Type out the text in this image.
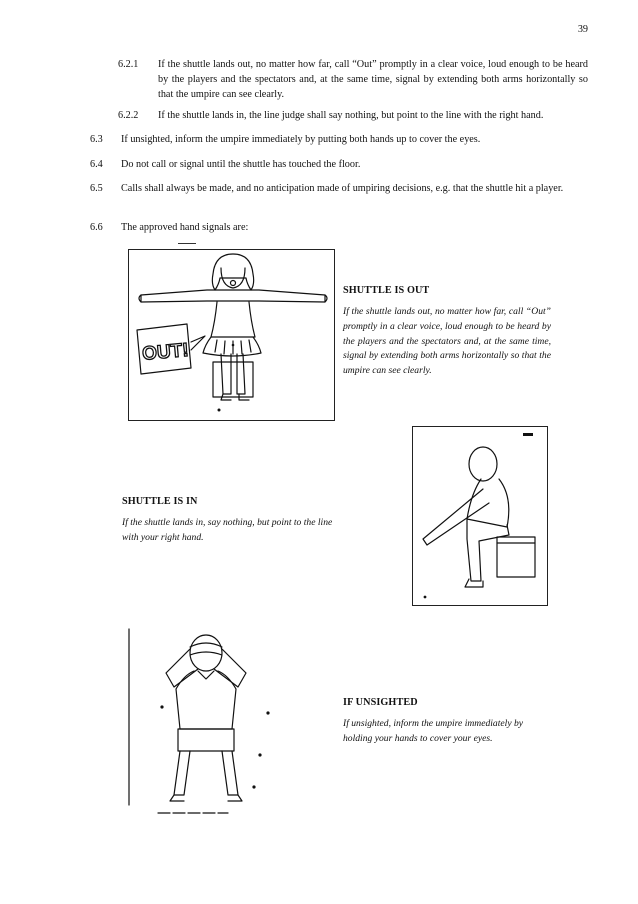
39
6.2.1 If the shuttle lands out, no matter how far, call “Out” promptly in a clear voice, loud enough to be heard by the players and the spectators and, at the same time, signal by extending both arms horizontally so that the umpire can see clearly.
6.2.2 If the shuttle lands in, the line judge shall say nothing, but point to the line with the right hand.
6.3 If unsighted, inform the umpire immediately by putting both hands up to cover the eyes.
6.4 Do not call or signal until the shuttle has touched the floor.
6.5 Calls shall always be made, and no anticipation made of umpiring decisions, e.g. that the shuttle hit a player.
6.6 The approved hand signals are:
OUT!
SHUTTLE IS OUT
If the shuttle lands out, no matter how far, call “Out” promptly in a clear voice, loud enough to be heard by the players and the spectators and, at the same time, signal by extending both arms horizontally so that the umpire can see clearly.
SHUTTLE IS IN
If the shuttle lands in, say nothing, but point to the line with your right hand.
IF UNSIGHTED
If unsighted, inform the umpire immediately by holding your hands to cover your eyes.
